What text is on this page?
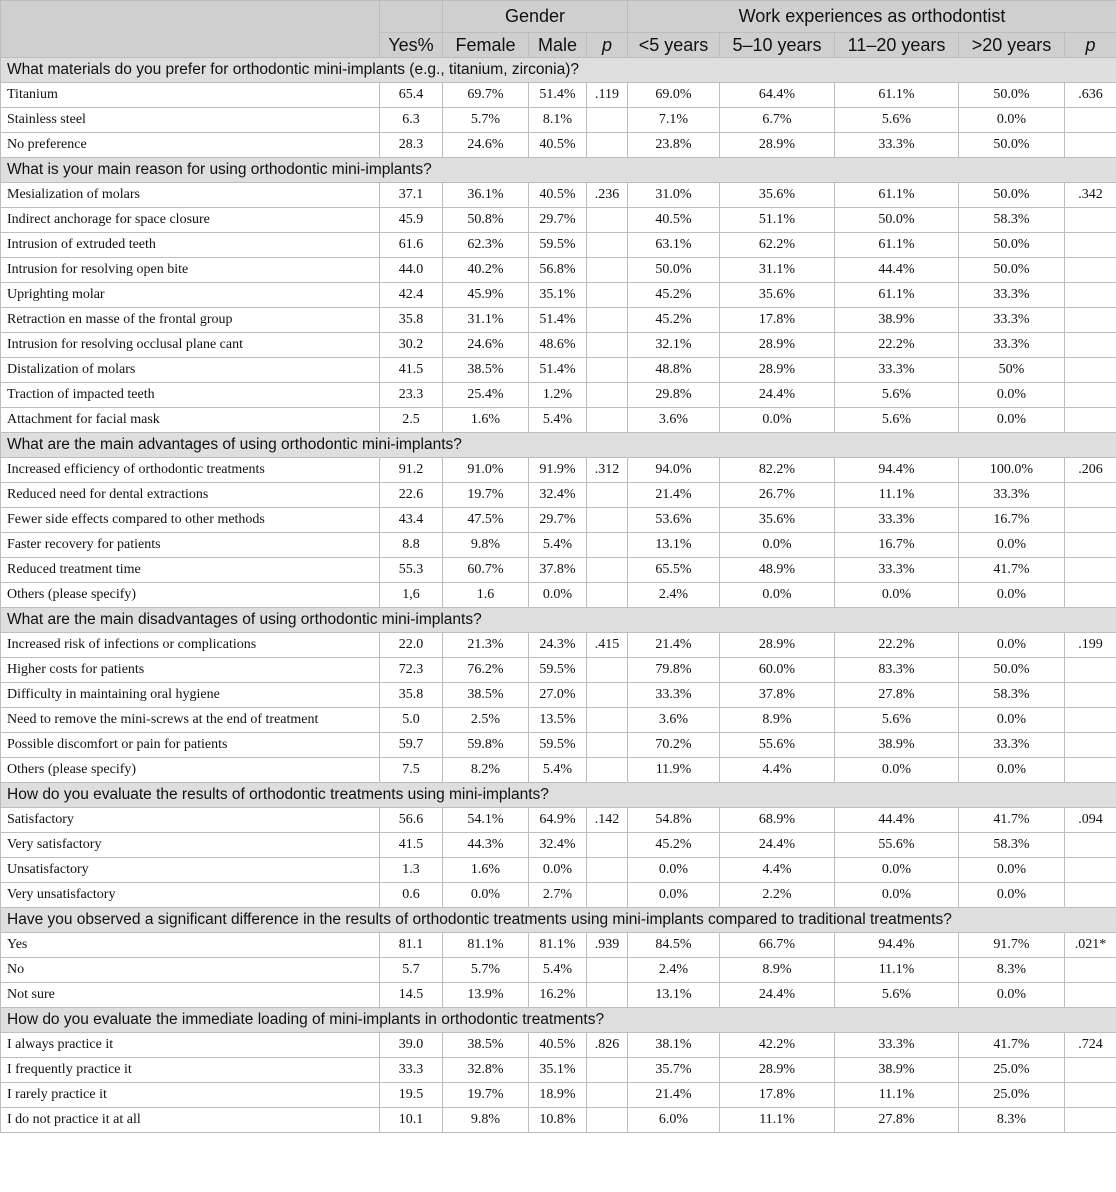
		Gender			Work experiences as orthodontist				
	Yes%	Female	Male	p	<5 years	5–10 years	11–20 years	>20 years	p
What materials do you prefer for orthodontic mini-implants (e.g., titanium, zirconia)?									
Titanium	65.4	69.7%	51.4%	.119	69.0%	64.4%	61.1%	50.0%	.636
Stainless steel	6.3	5.7%	8.1%		7.1%	6.7%	5.6%	0.0%	
No preference	28.3	24.6%	40.5%		23.8%	28.9%	33.3%	50.0%	
What is your main reason for using orthodontic mini-implants?									
Mesialization of molars	37.1	36.1%	40.5%	.236	31.0%	35.6%	61.1%	50.0%	.342
Indirect anchorage for space closure	45.9	50.8%	29.7%		40.5%	51.1%	50.0%	58.3%	
Intrusion of extruded teeth	61.6	62.3%	59.5%		63.1%	62.2%	61.1%	50.0%	
Intrusion for resolving open bite	44.0	40.2%	56.8%		50.0%	31.1%	44.4%	50.0%	
Uprighting molar	42.4	45.9%	35.1%		45.2%	35.6%	61.1%	33.3%	
Retraction en masse of the frontal group	35.8	31.1%	51.4%		45.2%	17.8%	38.9%	33.3%	
Intrusion for resolving occlusal plane cant	30.2	24.6%	48.6%		32.1%	28.9%	22.2%	33.3%	
Distalization of molars	41.5	38.5%	51.4%		48.8%	28.9%	33.3%	50%	
Traction of impacted teeth	23.3	25.4%	1.2%		29.8%	24.4%	5.6%	0.0%	
Attachment for facial mask	2.5	1.6%	5.4%		3.6%	0.0%	5.6%	0.0%	
What are the main advantages of using orthodontic mini-implants?									
Increased efficiency of orthodontic treatments	91.2	91.0%	91.9%	.312	94.0%	82.2%	94.4%	100.0%	.206
Reduced need for dental extractions	22.6	19.7%	32.4%		21.4%	26.7%	11.1%	33.3%	
Fewer side effects compared to other methods	43.4	47.5%	29.7%		53.6%	35.6%	33.3%	16.7%	
Faster recovery for patients	8.8	9.8%	5.4%		13.1%	0.0%	16.7%	0.0%	
Reduced treatment time	55.3	60.7%	37.8%		65.5%	48.9%	33.3%	41.7%	
Others (please specify)	1,6	1.6	0.0%		2.4%	0.0%	0.0%	0.0%	
What are the main disadvantages of using orthodontic mini-implants?									
Increased risk of infections or complications	22.0	21.3%	24.3%	.415	21.4%	28.9%	22.2%	0.0%	.199
Higher costs for patients	72.3	76.2%	59.5%		79.8%	60.0%	83.3%	50.0%	
Difficulty in maintaining oral hygiene	35.8	38.5%	27.0%		33.3%	37.8%	27.8%	58.3%	
Need to remove the mini-screws at the end of treatment	5.0	2.5%	13.5%		3.6%	8.9%	5.6%	0.0%	
Possible discomfort or pain for patients	59.7	59.8%	59.5%		70.2%	55.6%	38.9%	33.3%	
Others (please specify)	7.5	8.2%	5.4%		11.9%	4.4%	0.0%	0.0%	
How do you evaluate the results of orthodontic treatments using mini-implants?									
Satisfactory	56.6	54.1%	64.9%	.142	54.8%	68.9%	44.4%	41.7%	.094
Very satisfactory	41.5	44.3%	32.4%		45.2%	24.4%	55.6%	58.3%	
Unsatisfactory	1.3	1.6%	0.0%		0.0%	4.4%	0.0%	0.0%	
Very unsatisfactory	0.6	0.0%	2.7%		0.0%	2.2%	0.0%	0.0%	
Have you observed a significant difference in the results of orthodontic treatments using mini-implants compared to traditional treatments?									
Yes	81.1	81.1%	81.1%	.939	84.5%	66.7%	94.4%	91.7%	.021*
No	5.7	5.7%	5.4%		2.4%	8.9%	11.1%	8.3%	
Not sure	14.5	13.9%	16.2%		13.1%	24.4%	5.6%	0.0%	
How do you evaluate the immediate loading of mini-implants in orthodontic treatments?									
I always practice it	39.0	38.5%	40.5%	.826	38.1%	42.2%	33.3%	41.7%	.724
I frequently practice it	33.3	32.8%	35.1%		35.7%	28.9%	38.9%	25.0%	
I rarely practice it	19.5	19.7%	18.9%		21.4%	17.8%	11.1%	25.0%	
I do not practice it at all	10.1	9.8%	10.8%		6.0%	11.1%	27.8%	8.3%	
